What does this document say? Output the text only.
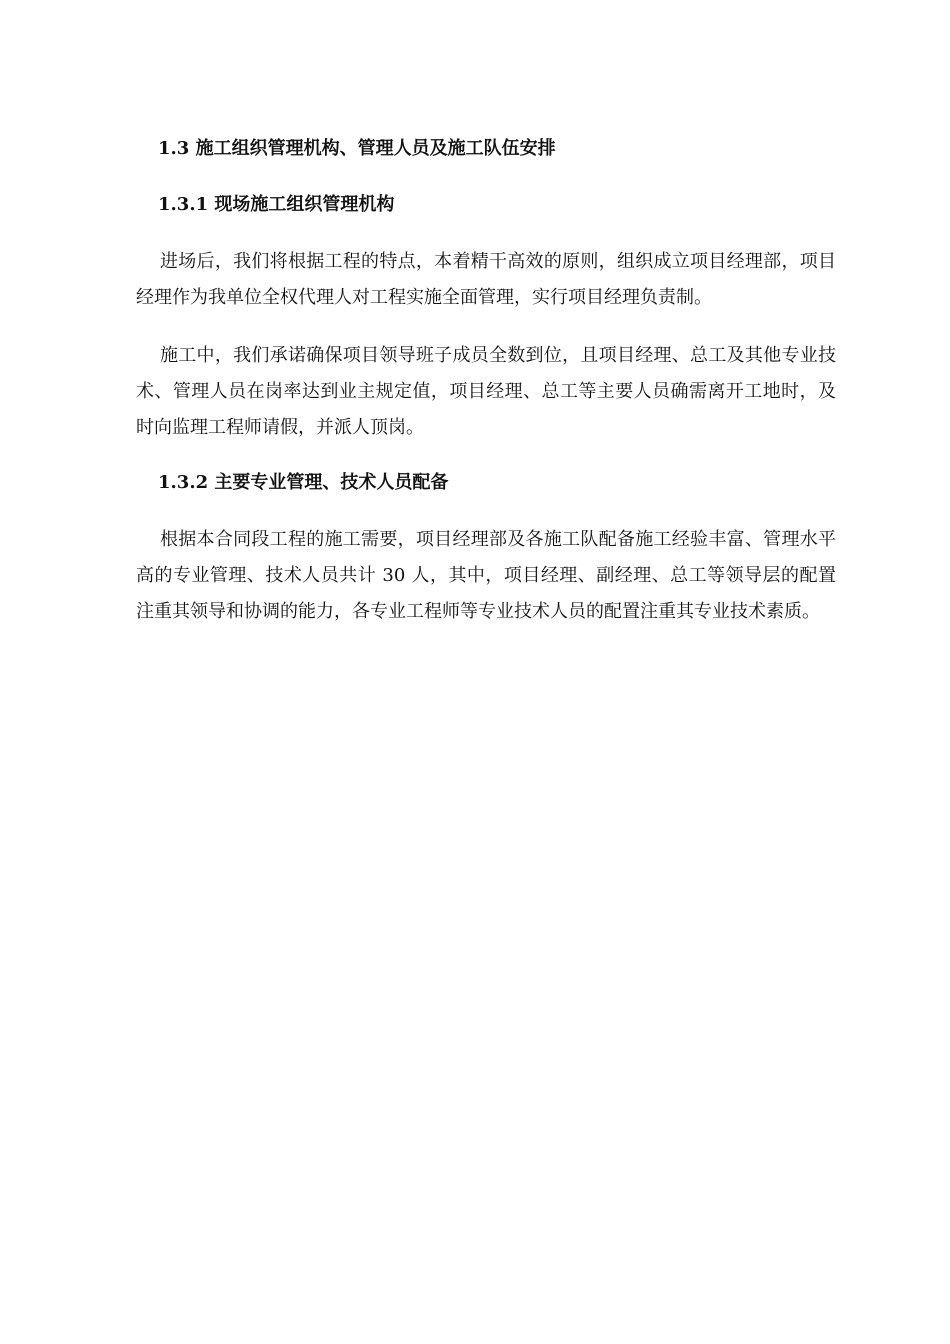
1.3 施工组织管理机构、管理人员及施工队伍安排
1.3.1 现场施工组织管理机构

进场后，我们将根据工程的特点，本着精干高效的原则，组织成立项目经理部，项目经理作为我单位全权代理人对工程实施全面管理，实行项目经理负责制。

施工中，我们承诺确保项目领导班子成员全数到位，且项目经理、总工及其他专业技术、管理人员在岗率达到业主规定值，项目经理、总工等主要人员确需离开工地时，及时向监理工程师请假，并派人顶岗。

1.3.2 主要专业管理、技术人员配备

根据本合同段工程的施工需要，项目经理部及各施工队配备施工经验丰富、管理水平高的专业管理、技术人员共计 30 人，其中，项目经理、副经理、总工等领导层的配置注重其领导和协调的能力，各专业工程师等专业技术人员的配置注重其专业技术素质。
